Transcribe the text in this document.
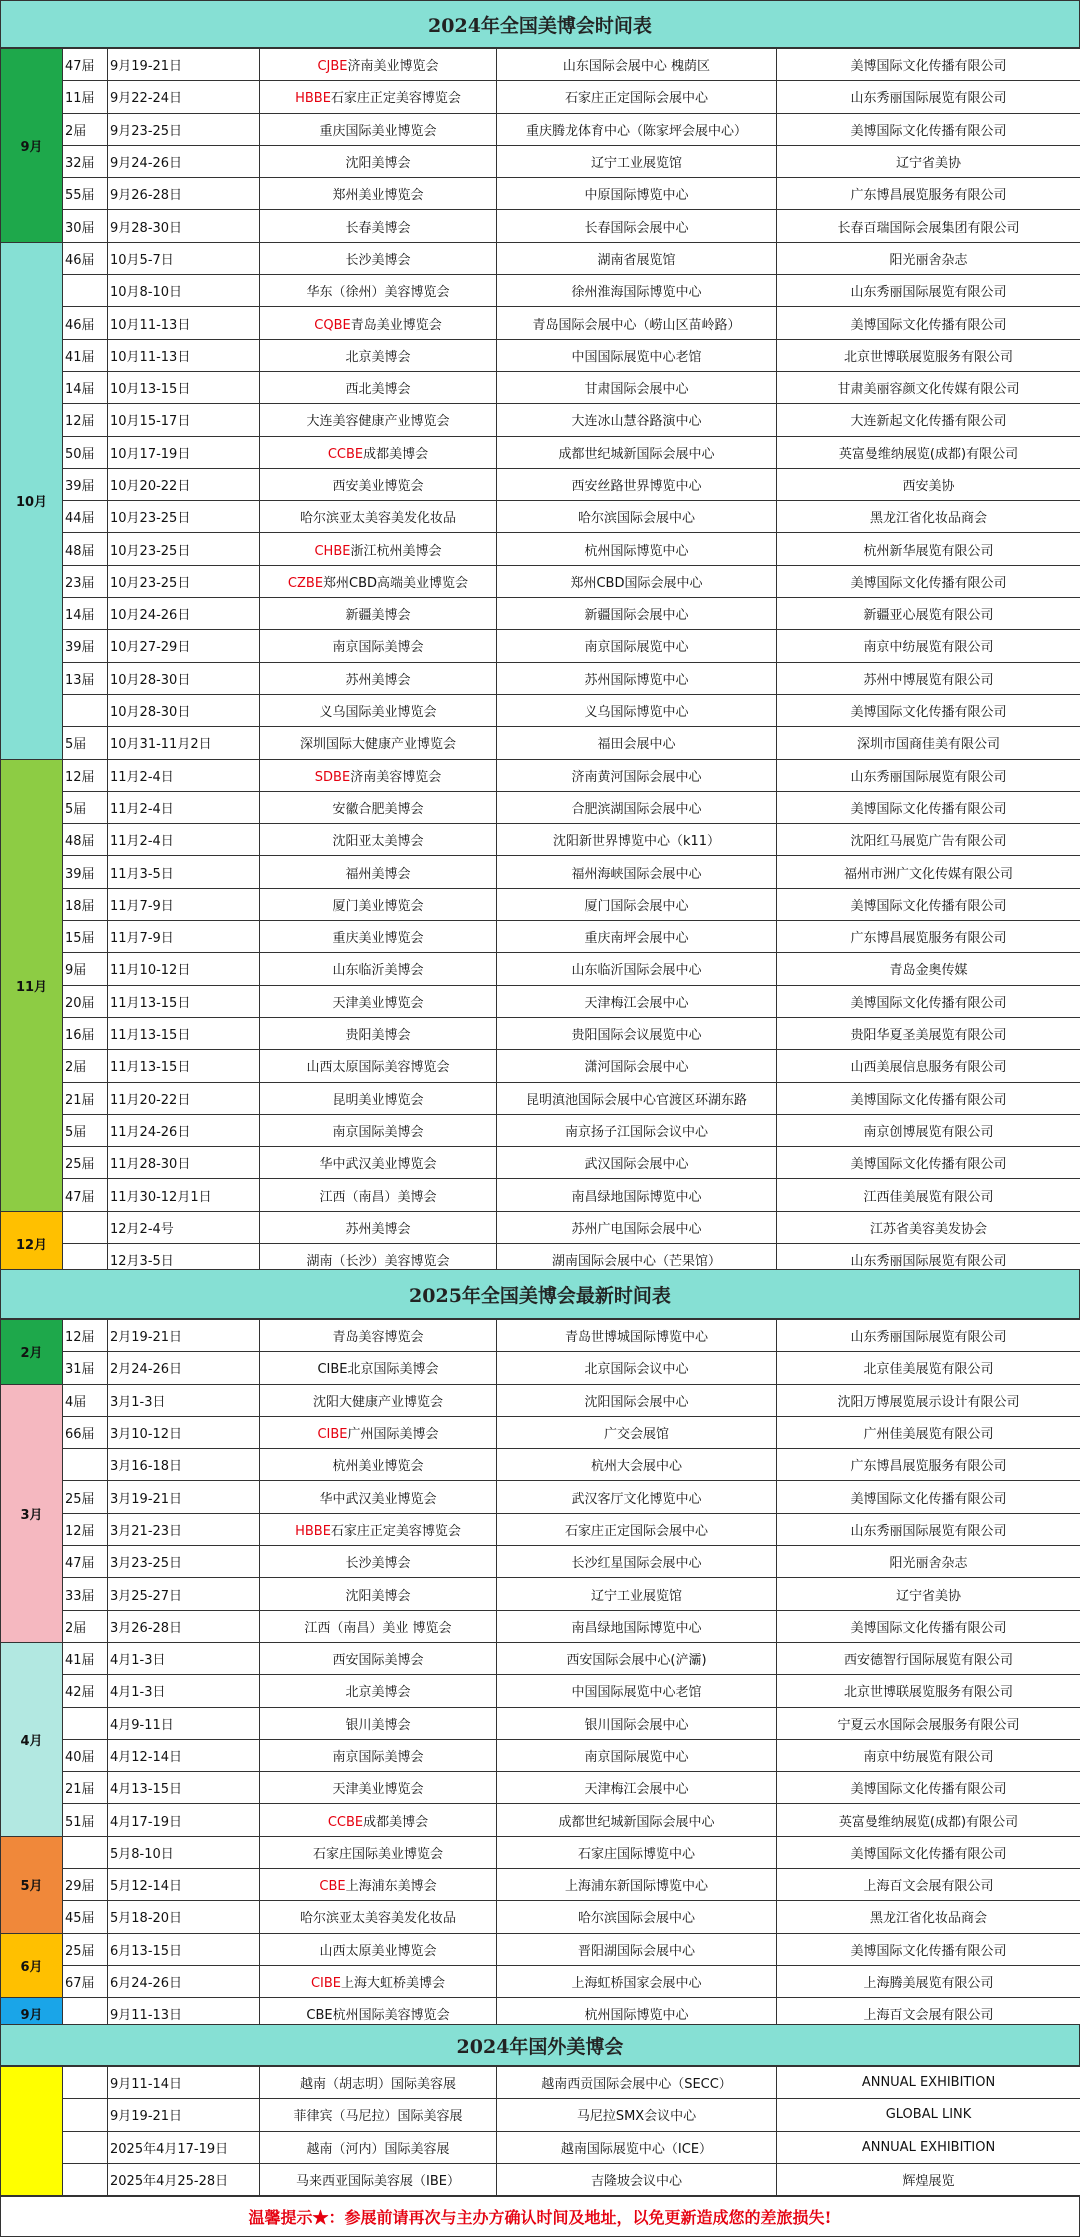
2024年全国美博会时间表
9月	47届	9月19-21日	CJBE济南美业博览会	山东国际会展中心 槐荫区	美博国际文化传播有限公司
	11届	9月22-24日	HBBE石家庄正定美容博览会	石家庄正定国际会展中心	山东秀丽国际展览有限公司
	2届	9月23-25日	重庆国际美业博览会	重庆腾龙体育中心（陈家坪会展中心）	美博国际文化传播有限公司
	32届	9月24-26日	沈阳美博会	辽宁工业展览馆	辽宁省美协
	55届	9月26-28日	郑州美业博览会	中原国际博览中心	广东博昌展览服务有限公司
	30届	9月28-30日	长春美博会	长春国际会展中心	长春百瑞国际会展集团有限公司
10月	46届	10月5-7日	长沙美博会	湖南省展览馆	阳光丽舍杂志
		10月8-10日	华东（徐州）美容博览会	徐州淮海国际博览中心	山东秀丽国际展览有限公司
	46届	10月11-13日	CQBE青岛美业博览会	青岛国际会展中心（崂山区苗岭路）	美博国际文化传播有限公司
	41届	10月11-13日	北京美博会	中国国际展览中心老馆	北京世博联展览服务有限公司
	14届	10月13-15日	西北美博会	甘肃国际会展中心	甘肃美丽容颜文化传媒有限公司
	12届	10月15-17日	大连美容健康产业博览会	大连冰山慧谷路演中心	大连新起文化传播有限公司
	50届	10月17-19日	CCBE成都美博会	成都世纪城新国际会展中心	英富曼维纳展览(成都)有限公司
	39届	10月20-22日	西安美业博览会	西安丝路世界博览中心	西安美协
	44届	10月23-25日	哈尔滨亚太美容美发化妆品	哈尔滨国际会展中心	黑龙江省化妆品商会
	48届	10月23-25日	CHBE浙江杭州美博会	杭州国际博览中心	杭州新华展览有限公司
	23届	10月23-25日	CZBE郑州CBD高端美业博览会	郑州CBD国际会展中心	美博国际文化传播有限公司
	14届	10月24-26日	新疆美博会	新疆国际会展中心	新疆亚心展览有限公司
	39届	10月27-29日	南京国际美博会	南京国际展览中心	南京中纺展览有限公司
	13届	10月28-30日	苏州美博会	苏州国际博览中心	苏州中博展览有限公司
		10月28-30日	义乌国际美业博览会	义乌国际博览中心	美博国际文化传播有限公司
	5届	10月31-11月2日	深圳国际大健康产业博览会	福田会展中心	深圳市国商佳美有限公司
11月	12届	11月2-4日	SDBE济南美容博览会	济南黄河国际会展中心	山东秀丽国际展览有限公司
	5届	11月2-4日	安徽合肥美博会	合肥滨湖国际会展中心	美博国际文化传播有限公司
	48届	11月2-4日	沈阳亚太美博会	沈阳新世界博览中心（k11）	沈阳红马展览广告有限公司
	39届	11月3-5日	福州美博会	福州海峡国际会展中心	福州市洲广文化传媒有限公司
	18届	11月7-9日	厦门美业博览会	厦门国际会展中心	美博国际文化传播有限公司
	15届	11月7-9日	重庆美业博览会	重庆南坪会展中心	广东博昌展览服务有限公司
	9届	11月10-12日	山东临沂美博会	山东临沂国际会展中心	青岛金奥传媒
	20届	11月13-15日	天津美业博览会	天津梅江会展中心	美博国际文化传播有限公司
	16届	11月13-15日	贵阳美博会	贵阳国际会议展览中心	贵阳华夏圣美展览有限公司
	2届	11月13-15日	山西太原国际美容博览会	潇河国际会展中心	山西美展信息服务有限公司
	21届	11月20-22日	昆明美业博览会	昆明滇池国际会展中心官渡区环湖东路	美博国际文化传播有限公司
	5届	11月24-26日	南京国际美博会	南京扬子江国际会议中心	南京创博展览有限公司
	25届	11月28-30日	华中武汉美业博览会	武汉国际会展中心	美博国际文化传播有限公司
	47届	11月30-12月1日	江西（南昌）美博会	南昌绿地国际博览中心	江西佳美展览有限公司
12月		12月2-4号	苏州美博会	苏州广电国际会展中心	江苏省美容美发协会
		12月3-5日	湖南（长沙）美容博览会	湖南国际会展中心（芒果馆）	山东秀丽国际展览有限公司
2025年全国美博会最新时间表
2月	12届	2月19-21日	青岛美容博览会	青岛世博城国际博览中心	山东秀丽国际展览有限公司
	31届	2月24-26日	CIBE北京国际美博会	北京国际会议中心	北京佳美展览有限公司
3月	4届	3月1-3日	沈阳大健康产业博览会	沈阳国际会展中心	沈阳万博展览展示设计有限公司
	66届	3月10-12日	CIBE广州国际美博会	广交会展馆	广州佳美展览有限公司
		3月16-18日	杭州美业博览会	杭州大会展中心	广东博昌展览服务有限公司
	25届	3月19-21日	华中武汉美业博览会	武汉客厅文化博览中心	美博国际文化传播有限公司
	12届	3月21-23日	HBBE石家庄正定美容博览会	石家庄正定国际会展中心	山东秀丽国际展览有限公司
	47届	3月23-25日	长沙美博会	长沙红星国际会展中心	阳光丽舍杂志
	33届	3月25-27日	沈阳美博会	辽宁工业展览馆	辽宁省美协
	2届	3月26-28日	江西（南昌）美业 博览会	南昌绿地国际博览中心	美博国际文化传播有限公司
4月	41届	4月1-3日	西安国际美博会	西安国际会展中心(浐灞)	西安德智行国际展览有限公司
	42届	4月1-3日	北京美博会	中国国际展览中心老馆	北京世博联展览服务有限公司
		4月9-11日	银川美博会	银川国际会展中心	宁夏云水国际会展服务有限公司
	40届	4月12-14日	南京国际美博会	南京国际展览中心	南京中纺展览有限公司
	21届	4月13-15日	天津美业博览会	天津梅江会展中心	美博国际文化传播有限公司
	51届	4月17-19日	CCBE成都美博会	成都世纪城新国际会展中心	英富曼维纳展览(成都)有限公司
5月		5月8-10日	石家庄国际美业博览会	石家庄国际博览中心	美博国际文化传播有限公司
	29届	5月12-14日	CBE上海浦东美博会	上海浦东新国际博览中心	上海百文会展有限公司
	45届	5月18-20日	哈尔滨亚太美容美发化妆品	哈尔滨国际会展中心	黑龙江省化妆品商会
6月	25届	6月13-15日	山西太原美业博览会	晋阳湖国际会展中心	美博国际文化传播有限公司
	67届	6月24-26日	CIBE上海大虹桥美博会	上海虹桥国家会展中心	上海腾美展览有限公司
9月		9月11-13日	CBE杭州国际美容博览会	杭州国际博览中心	上海百文会展有限公司
2024年国外美博会
		9月11-14日	越南（胡志明）国际美容展	越南西贡国际会展中心（SECC）	ANNUAL EXHIBITION
		9月19-21日	菲律宾（马尼拉）国际美容展	马尼拉SMX会议中心	GLOBAL LINK
		2025年4月17-19日	越南（河内）国际美容展	越南国际展览中心（ICE）	ANNUAL EXHIBITION
		2025年4月25-28日	马来西亚国际美容展（IBE）	吉隆坡会议中心	辉煌展览
温馨提示★：参展前请再次与主办方确认时间及地址，以免更新造成您的差旅损失!
